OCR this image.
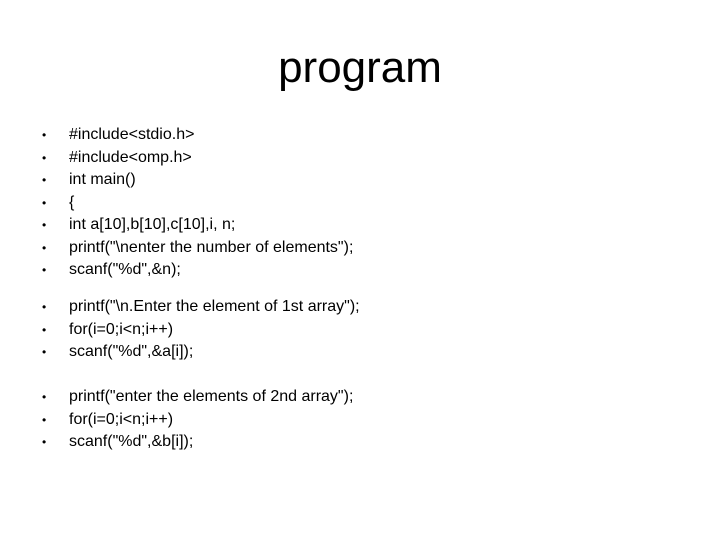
program
• #include<stdio.h>
• #include<omp.h>
• int main()
• {
• int a[10],b[10],c[10],i, n;
• printf("\nenter the number of elements");
• scanf("%d",&n);
• printf("\n.Enter the element of 1st array");
• for(i=0;i<n;i++)
• scanf("%d",&a[i]);
• printf("enter the elements of 2nd array");
• for(i=0;i<n;i++)
• scanf("%d",&b[i]);
